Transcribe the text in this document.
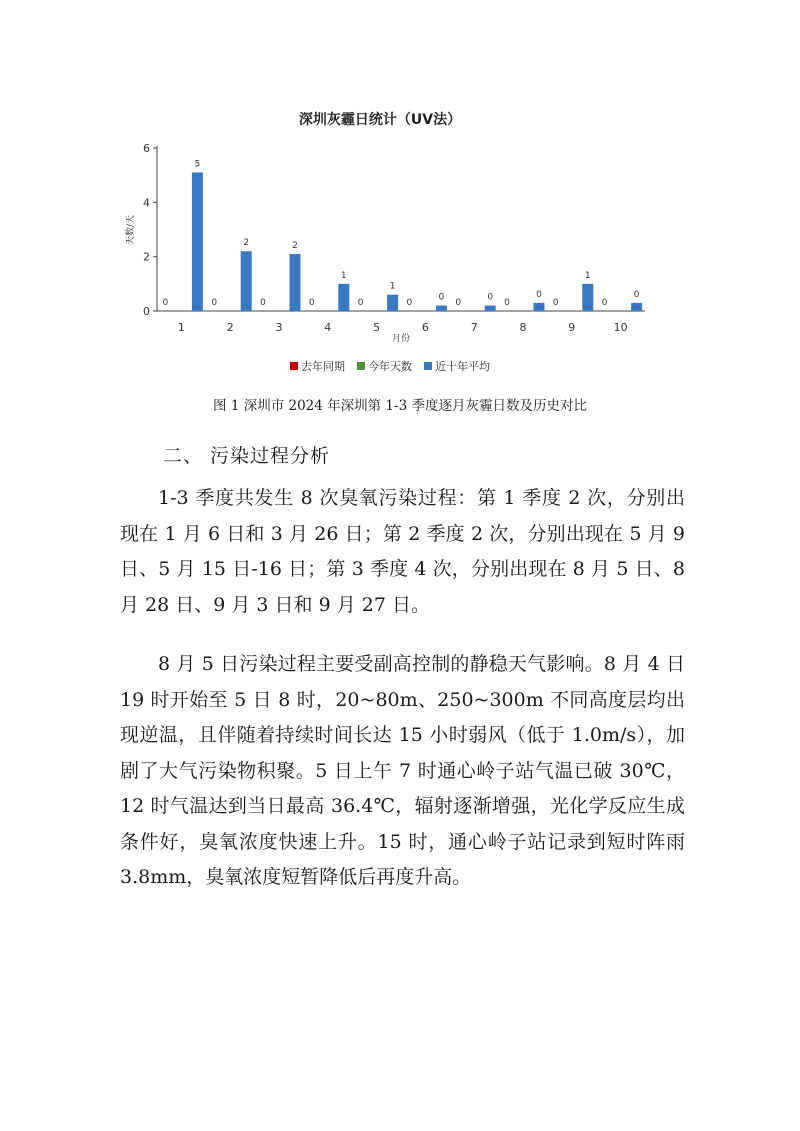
深圳灰霾日统计（UV法）
0
2
4
6
1
0
5
2
0
2
3
0
2
4
0
1
5
0
1
6
0
0
7
0
0
8
0
0
9
0
1
10
0
0
天数/天
月份
去年同期 今年天数 近十年平均
图 1 深圳市 2024 年深圳第 1-3 季度逐月灰霾日数及历史对比
二、 污染过程分析

1-3 季度共发生 8 次臭氧污染过程：第 1 季度 2 次，分别出现在 1 月 6 日和 3 月 26 日；第 2 季度 2 次，分别出现在 5 月 9 日、5 月 15 日-16 日；第 3 季度 4 次，分别出现在 8 月 5 日、8 月 28 日、9 月 3 日和 9 月 27 日。

8 月 5 日污染过程主要受副高控制的静稳天气影响。8 月 4 日 19 时开始至 5 日 8 时，20~80m、250~300m 不同高度层均出现逆温，且伴随着持续时间长达 15 小时弱风（低于 1.0m/s），加剧了大气污染物积聚。5 日上午 7 时通心岭子站气温已破 30℃，12 时气温达到当日最高 36.4℃，辐射逐渐增强，光化学反应生成条件好，臭氧浓度快速上升。15 时，通心岭子站记录到短时阵雨 3.8mm，臭氧浓度短暂降低后再度升高。
